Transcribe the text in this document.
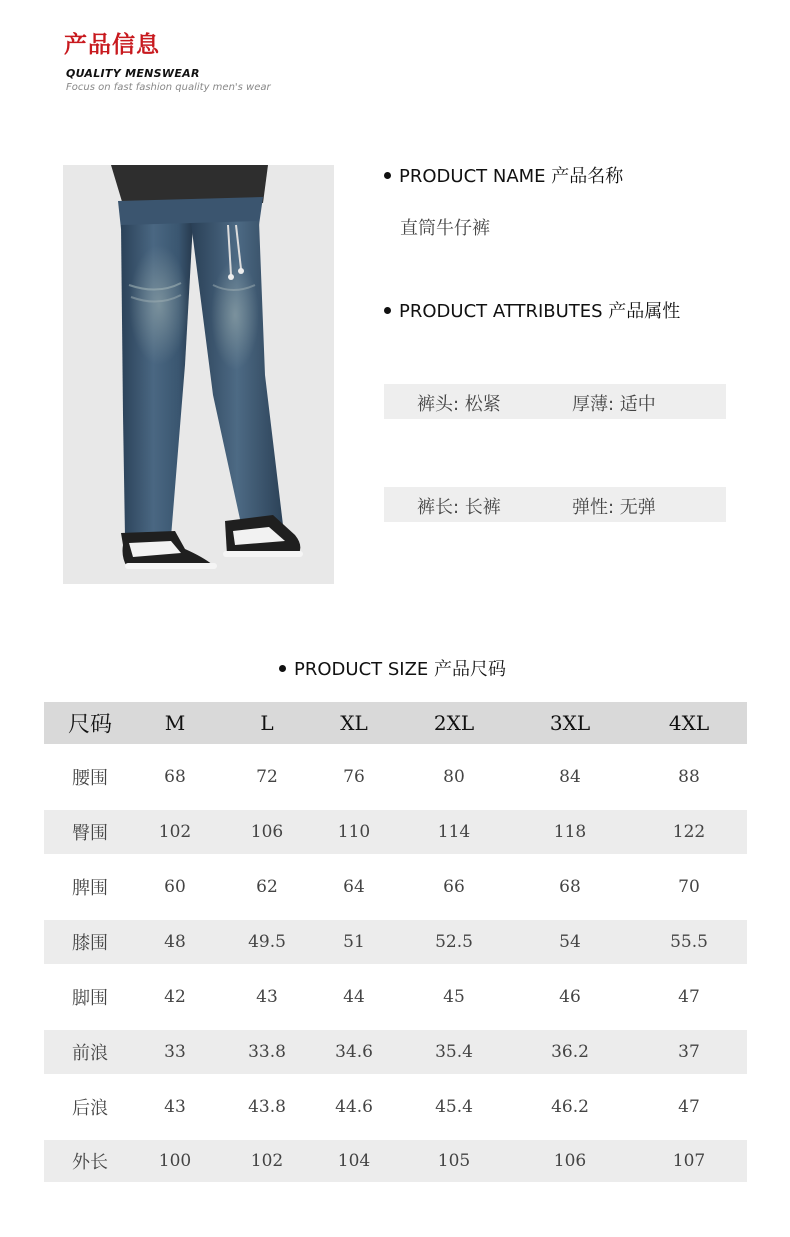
产品信息
QUALITY MENSWEAR
Focus on fast fashion quality men's wear
PRODUCT NAME 产品名称
直筒牛仔裤
PRODUCT ATTRIBUTES 产品属性
裤头: 松紧	厚薄: 适中
裤长: 长裤	弹性: 无弹
PRODUCT SIZE 产品尺码
尺码	M	L	XL	2XL	3XL	4XL
腰围	68	72	76	80	84	88
臀围	102	106	110	114	118	122
脾围	60	62	64	66	68	70
膝围	48	49.5	51	52.5	54	55.5
脚围	42	43	44	45	46	47
前浪	33	33.8	34.6	35.4	36.2	37
后浪	43	43.8	44.6	45.4	46.2	47
外长	100	102	104	105	106	107
